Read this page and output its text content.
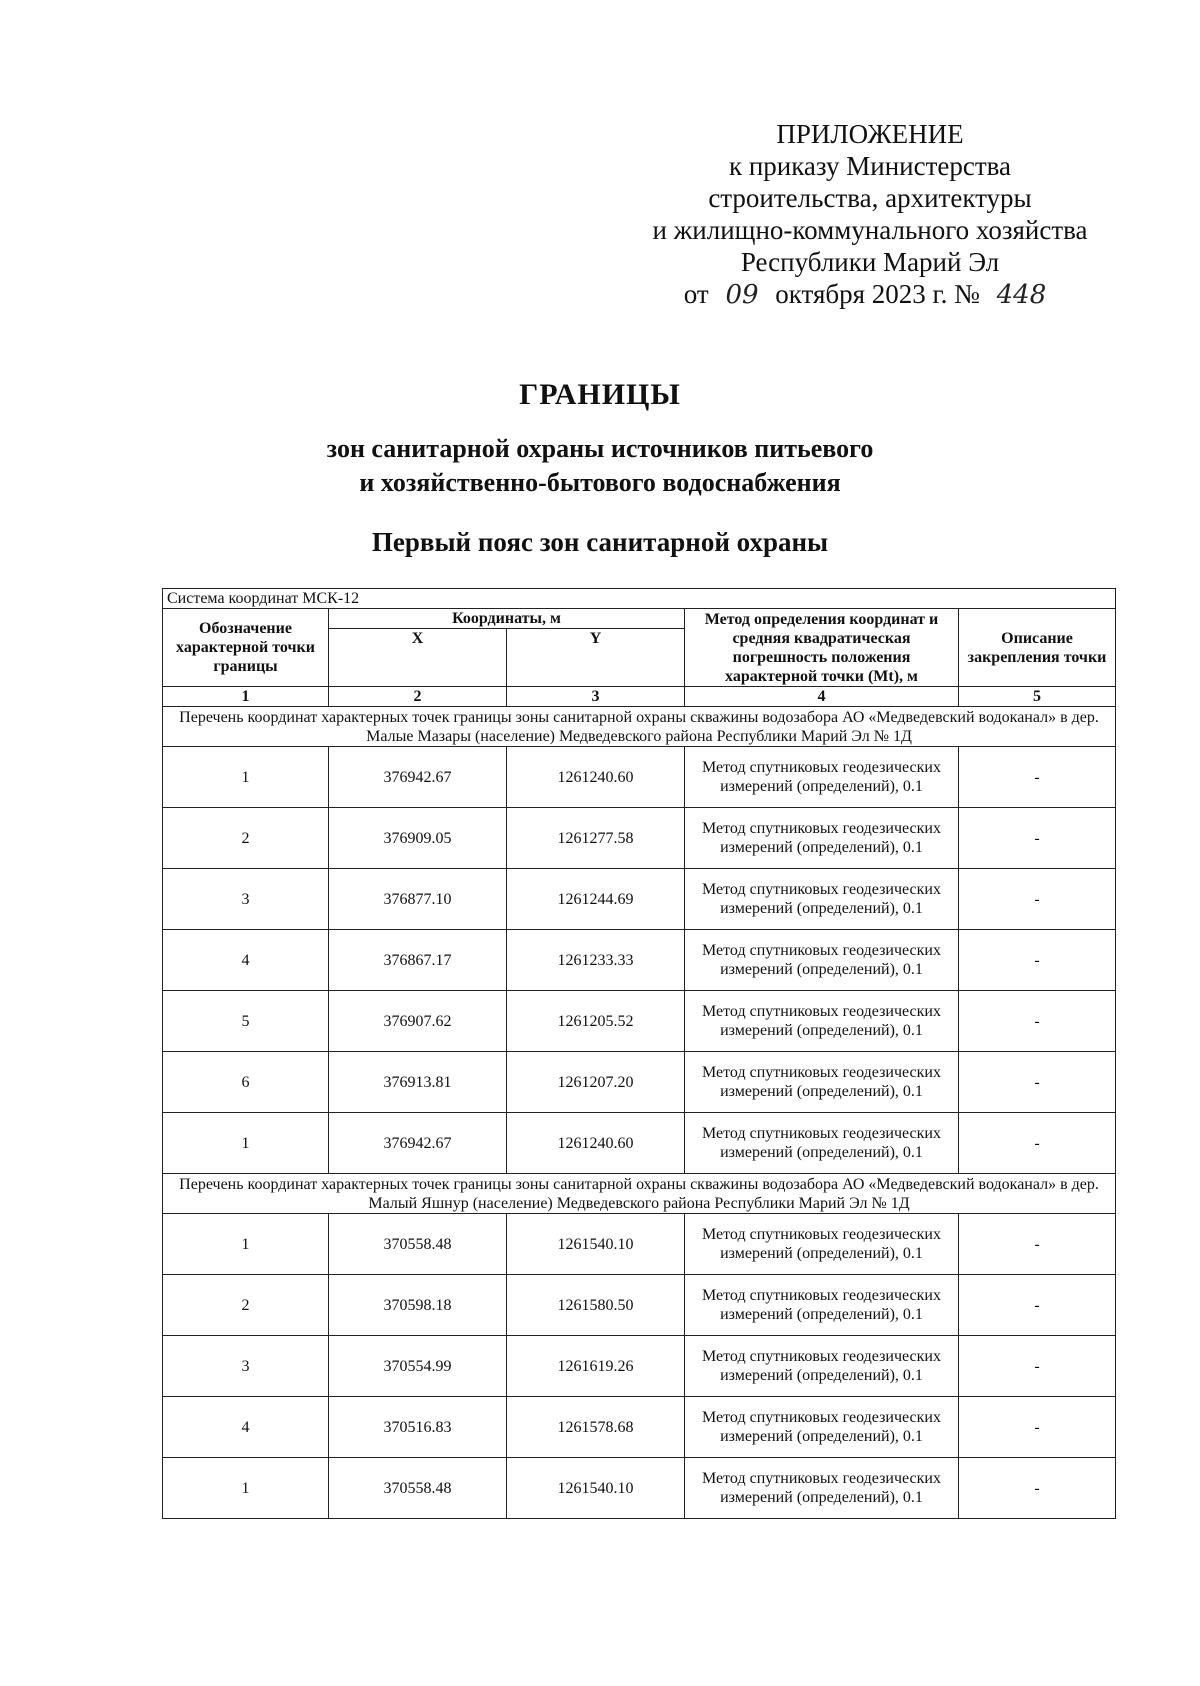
ПРИЛОЖЕНИЕ
к приказу Министерства
строительства, архитектуры
и жилищно-коммунального хозяйства
Республики Марий Эл
от 09 октября 2023 г. № 448
ГРАНИЦЫ
зон санитарной охраны источников питьевого
и хозяйственно-бытового водоснабжения
Первый пояс зон санитарной охраны
Система координат МСК-12				
Обозначение характерной точки границы	Координаты, м		Метод определения координат и средняя квадратическая погрешность положения характерной точки (Mt), м	Описание закрепления точки
	X	Y		
1	2	3	4	5
Перечень координат характерных точек границы зоны санитарной охраны скважины водозабора АО «Медведевский водоканал» в дер. Малые Мазары (население) Медведевского района Республики Марий Эл № 1Д				
1	376942.67	1261240.60	Метод спутниковых геодезических измерений (определений), 0.1	-
2	376909.05	1261277.58	Метод спутниковых геодезических измерений (определений), 0.1	-
3	376877.10	1261244.69	Метод спутниковых геодезических измерений (определений), 0.1	-
4	376867.17	1261233.33	Метод спутниковых геодезических измерений (определений), 0.1	-
5	376907.62	1261205.52	Метод спутниковых геодезических измерений (определений), 0.1	-
6	376913.81	1261207.20	Метод спутниковых геодезических измерений (определений), 0.1	-
1	376942.67	1261240.60	Метод спутниковых геодезических измерений (определений), 0.1	-
Перечень координат характерных точек границы зоны санитарной охраны скважины водозабора АО «Медведевский водоканал» в дер. Малый Яшнур (население) Медведевского района Республики Марий Эл № 1Д				
1	370558.48	1261540.10	Метод спутниковых геодезических измерений (определений), 0.1	-
2	370598.18	1261580.50	Метод спутниковых геодезических измерений (определений), 0.1	-
3	370554.99	1261619.26	Метод спутниковых геодезических измерений (определений), 0.1	-
4	370516.83	1261578.68	Метод спутниковых геодезических измерений (определений), 0.1	-
1	370558.48	1261540.10	Метод спутниковых геодезических измерений (определений), 0.1	-
